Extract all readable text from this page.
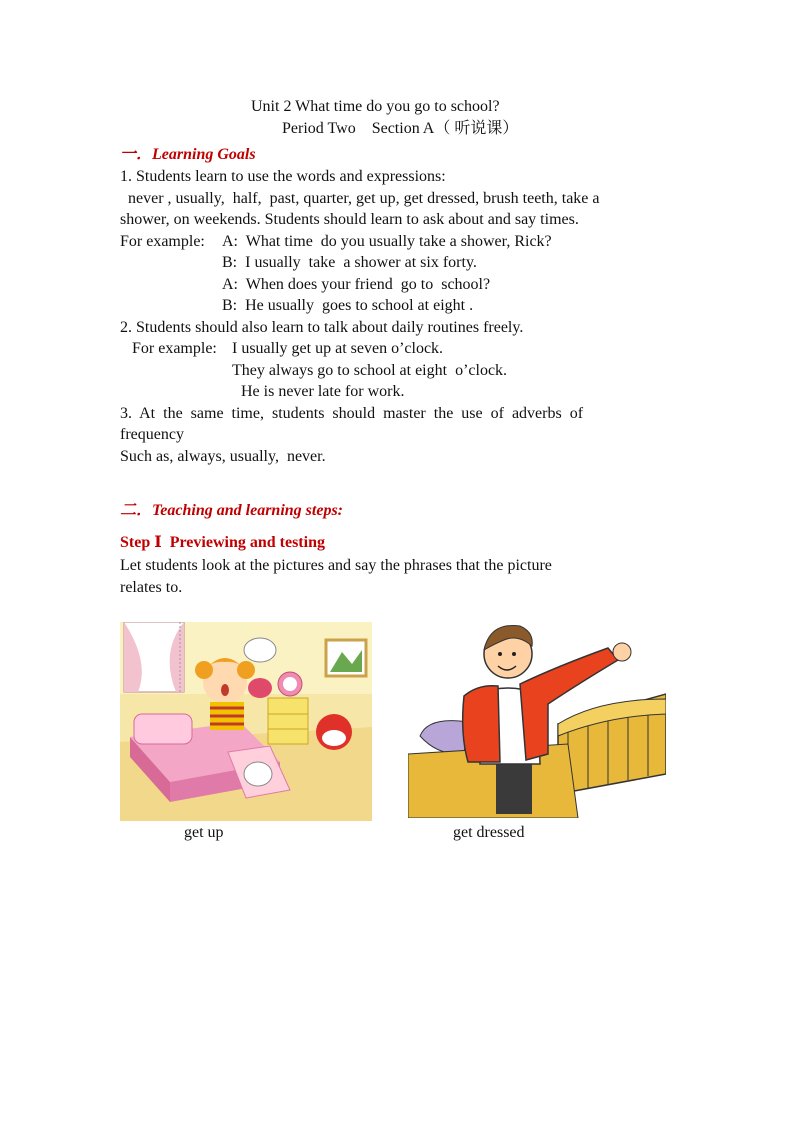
Unit 2 What time do you go to school?
Period Two    Section A（ 听说课）
一．Learning Goals
1. Students learn to use the words and expressions:
never , usually,  half,  past, quarter, get up, get dressed, brush teeth, take a
shower, on weekends. Students should learn to ask about and say times.
For example: A:  What time  do you usually take a shower, Rick?
B:  I usually  take  a shower at six forty.
A:  When does your friend  go to  school?
B:  He usually  goes to school at eight .
2. Students should also learn to talk about daily routines freely.
For example: I usually get up at seven o’clock.
They always go to school at eight  o’clock.
He is never late for work.
3.  At  the  same  time,  students  should  master  the  use  of  adverbs  of
frequency
Such as, always, usually,  never.
二．Teaching and learning steps:
Step Ⅰ  Previewing and testing
Let students look at the pictures and say the phrases that the picture
relates to.
get up	get dressed
